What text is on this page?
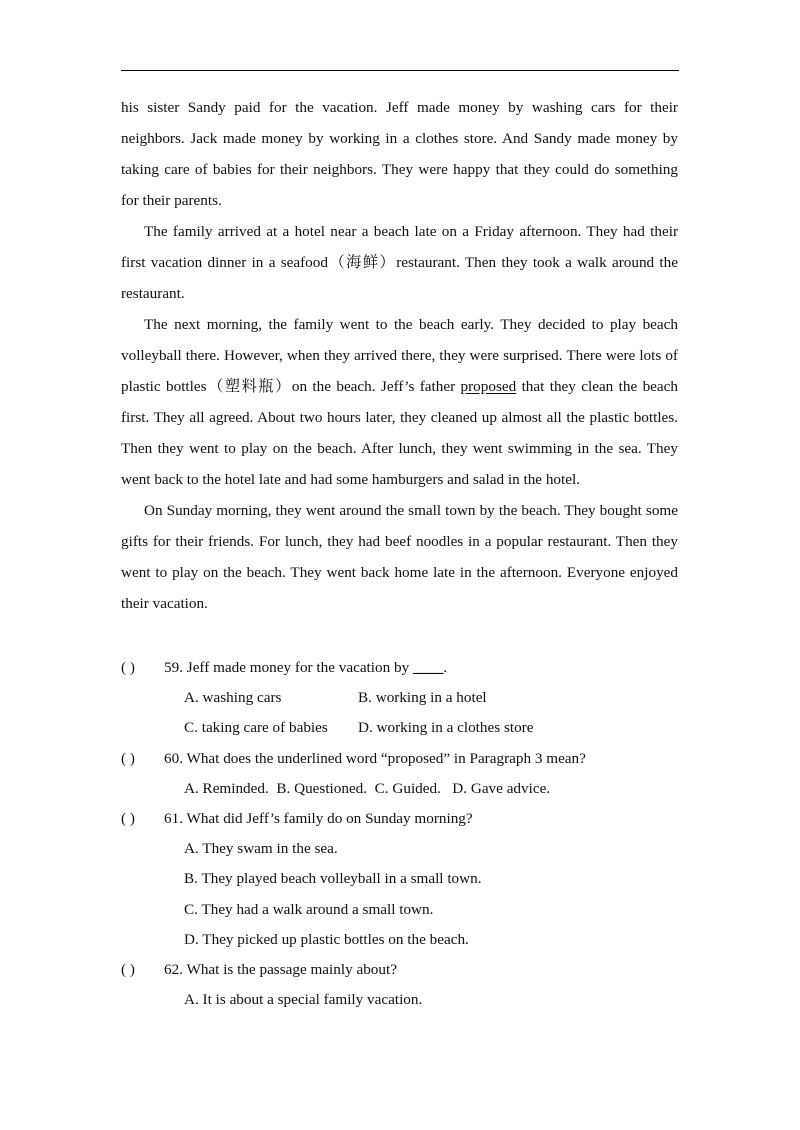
his sister Sandy paid for the vacation. Jeff made money by washing cars for their neighbors. Jack made money by working in a clothes store. And Sandy made money by taking care of babies for their neighbors. They were happy that they could do something for their parents.

The family arrived at a hotel near a beach late on a Friday afternoon. They had their first vacation dinner in a seafood（海鲜）restaurant. Then they took a walk around the restaurant.

The next morning, the family went to the beach early. They decided to play beach volleyball there. However, when they arrived there, they were surprised. There were lots of plastic bottles（塑料瓶）on the beach. Jeff’s father proposed that they clean the beach first. They all agreed. About two hours later, they cleaned up almost all the plastic bottles. Then they went to play on the beach. After lunch, they went swimming in the sea. They went back to the hotel late and had some hamburgers and salad in the hotel.

On Sunday morning, they went around the small town by the beach. They bought some gifts for their friends. For lunch, they had beef noodles in a popular restaurant. Then they went to play on the beach. They went back home late in the afternoon. Everyone enjoyed their vacation.

( )	59. Jeff made money for the vacation by ____.
A. washing cars	B. working in a hotel
C. taking care of babies D. working in a clothes store
( )	60. What does the underlined word “proposed” in Paragraph 3 mean?
A. Reminded.  B. Questioned.  C. Guided.   D. Gave advice.
( )	61. What did Jeff’s family do on Sunday morning?
A. They swam in the sea.
B. They played beach volleyball in a small town.
C. They had a walk around a small town.
D. They picked up plastic bottles on the beach.
( )	62. What is the passage mainly about?
A. It is about a special family vacation.
